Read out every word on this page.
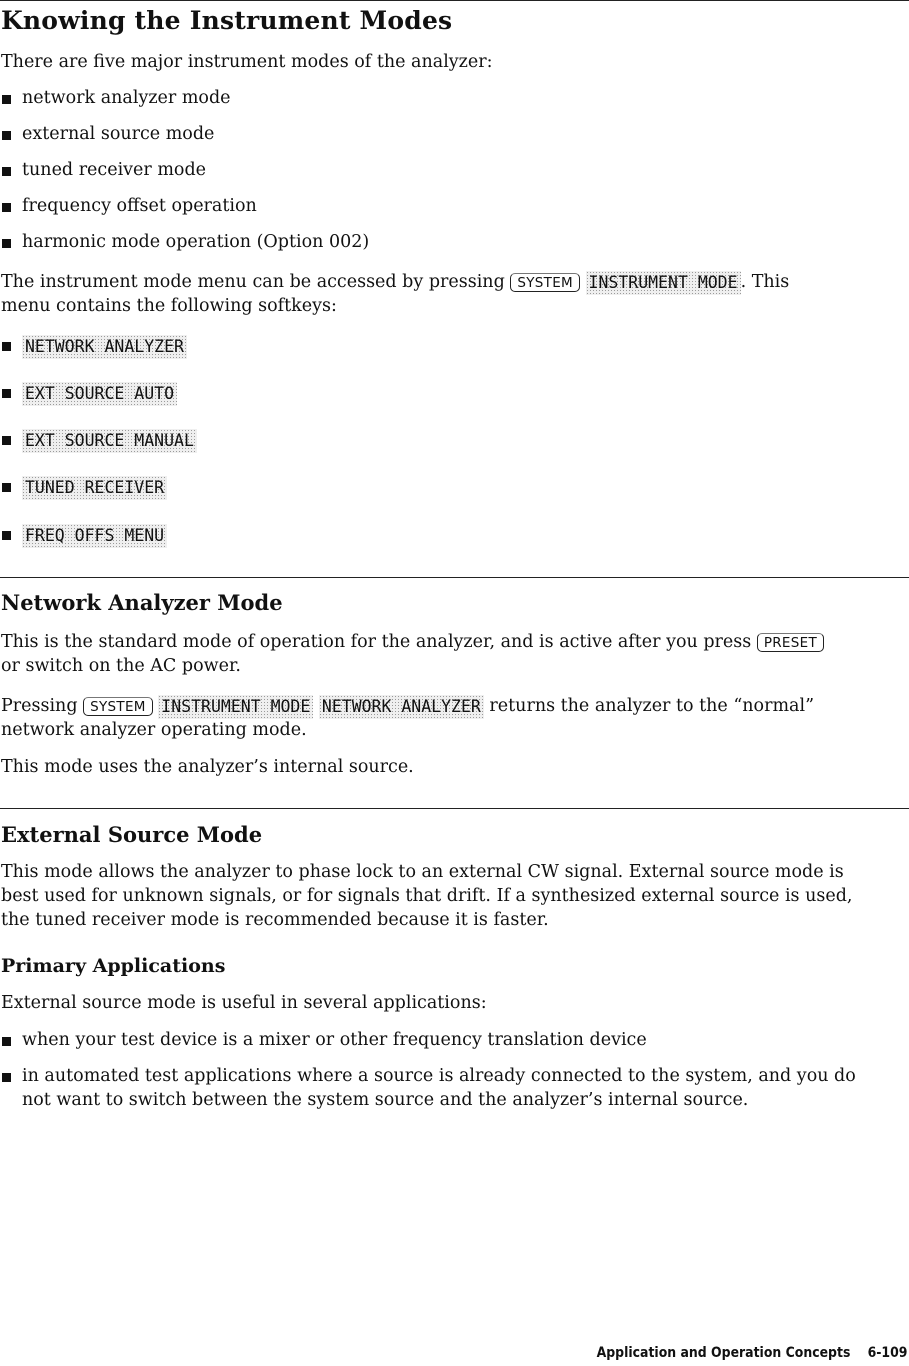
Knowing the Instrument Modes
There are five major instrument modes of the analyzer:
network analyzer mode
external source mode
tuned receiver mode
frequency offset operation
harmonic mode operation (Option 002)
The instrument mode menu can be accessed by pressing SYSTEM INSTRUMENT MODE . This
menu contains the following softkeys:
NETWORK ANALYZER
EXT SOURCE AUTO
EXT SOURCE MANUAL
TUNED RECEIVER
FREQ OFFS MENU
Network Analyzer Mode
This is the standard mode of operation for the analyzer, and is active after you press PRESET
or switch on the AC power.
Pressing SYSTEM INSTRUMENT MODE NETWORK ANALYZER returns the analyzer to the “normal”
network analyzer operating mode.
This mode uses the analyzer’s internal source.
External Source Mode
This mode allows the analyzer to phase lock to an external CW signal. External source mode is
best used for unknown signals, or for signals that drift. If a synthesized external source is used,
the tuned receiver mode is recommended because it is faster.
Primary Applications
External source mode is useful in several applications:
when your test device is a mixer or other frequency translation device
in automated test applications where a source is already connected to the system, and you do
not want to switch between the system source and the analyzer’s internal source.
Application and Operation Concepts 6-109
